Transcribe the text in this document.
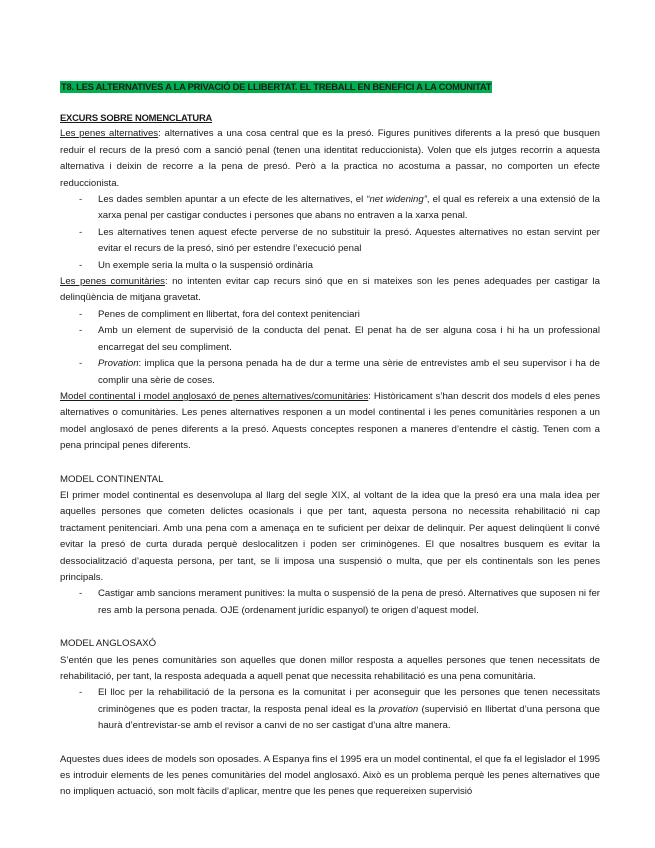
T8. LES ALTERNATIVES A LA PRIVACIÓ DE LLIBERTAT. EL TREBALL EN BENEFICI A LA COMUNITAT
EXCURS SOBRE NOMENCLATURA

Les penes alternatives: alternatives a una cosa central que es la presó. Figures punitives diferents a la presó que busquen reduir el recurs de la presó com a sanció penal (tenen una identitat reduccionista). Volen que els jutges recorrin a aquesta alternativa i deixin de recorre a la pena de presó. Però a la practica no acostuma a passar, no comporten un efecte reduccionista.

- Les dades semblen apuntar a un efecte de les alternatives, el “net widening”, el qual es refereix a una extensió de la xarxa penal per castigar conductes i persones que abans no entraven a la xarxa penal.
- Les alternatives tenen aquest efecte perverse de no substituir la presó. Aquestes alternatives no estan servint per evitar el recurs de la presó, sinó per estendre l’execució penal
- Un exemple seria la multa o la suspensió ordinària

Les penes comunitàries: no intenten evitar cap recurs sinó que en si mateixes son les penes adequades per castigar la delinqüència de mitjana gravetat.

- Penes de compliment en llibertat, fora del context penitenciari
- Amb un element de supervisió de la conducta del penat. El penat ha de ser alguna cosa i hi ha un professional encarregat del seu compliment.
- Provation: implica que la persona penada ha de dur a terme una sèrie de entrevistes amb el seu supervisor i ha de complir una sèrie de coses.

Model continental i model anglosaxó de penes alternatives/comunitàries: Històricament s’han descrit dos models d eles penes alternatives o comunitàries. Les penes alternatives responen a un model continental i les penes comunitàries responen a un model anglosaxó de penes diferents a la presó. Aquests conceptes responen a maneres d’entendre el càstig. Tenen com a pena principal penes diferents.

MODEL CONTINENTAL

El primer model continental es desenvolupa al llarg del segle XIX, al voltant de la idea que la presó era una mala idea per aquelles persones que cometen delictes ocasionals i que per tant, aquesta persona no necessita rehabilitació ni cap tractament penitenciari. Amb una pena com a amenaça en te suficient per deixar de delinquir. Per aquest delinqüent li convé evitar la presó de curta durada perquè deslocalitzen i poden ser criminògenes. El que nosaltres busquem es evitar la dessocialització d’aquesta persona, per tant, se li imposa una suspensió o multa, que per els continentals son les penes principals.

- Castigar amb sancions merament punitives: la multa o suspensió de la pena de presó. Alternatives que suposen ni fer res amb la persona penada. OJE (ordenament jurídic espanyol) te origen d’aquest model.
MODEL ANGLOSAXÓ

S’entén que les penes comunitàries son aquelles que donen millor resposta a aquelles persones que tenen necessitats de rehabilitació, per tant, la resposta adequada a aquell penat que necessita rehabilitació es una pena comunitària.

- El lloc per la rehabilitació de la persona es la comunitat i per aconseguir que les persones que tenen necessitats criminògenes que es poden tractar, la resposta penal ideal es la provation (supervisió en llibertat d’una persona que haurà d’entrevistar-se amb el revisor a canvi de no ser castigat d’una altre manera.

Aquestes dues idees de models son oposades. A Espanya fins el 1995 era un model continental, el que fa el legislador el 1995 es introduir elements de les penes comunitàries del model anglosaxó. Això es un problema perquè les penes alternatives que no impliquen actuació, son molt fàcils d’aplicar, mentre que les penes que requereixen supervisió
